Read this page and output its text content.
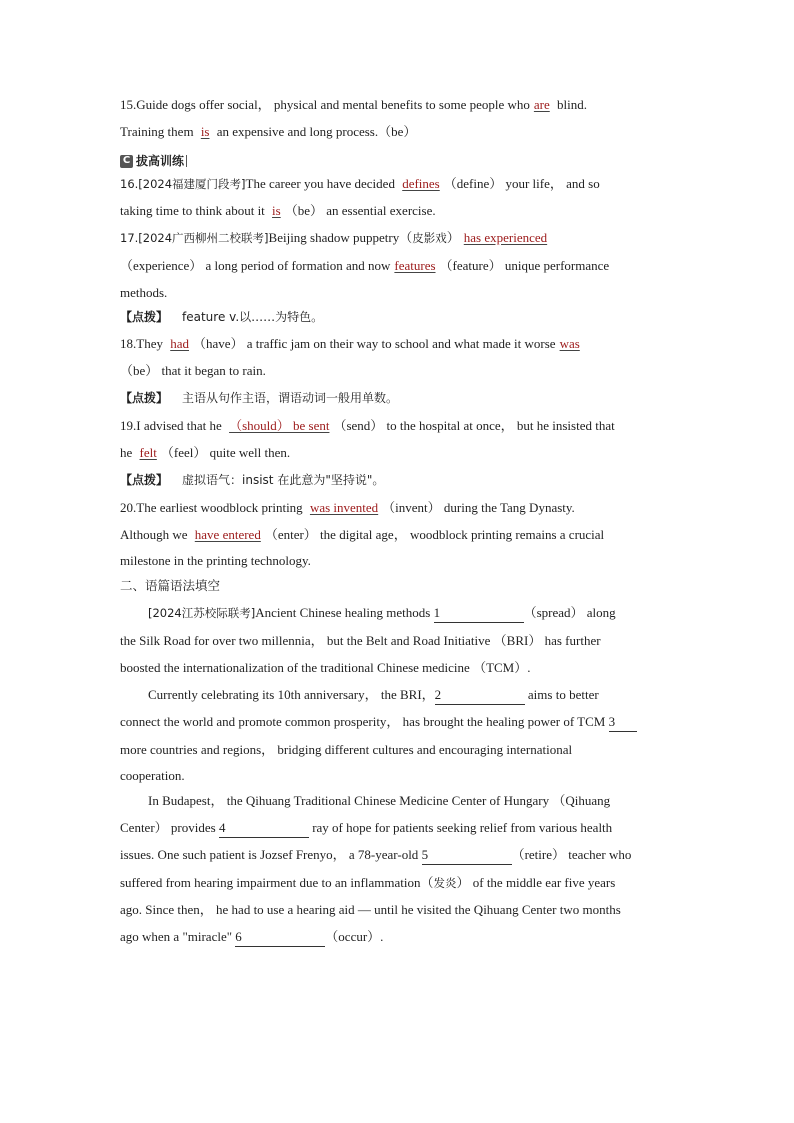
15.Guide dogs offer social， physical and mental benefits to some people who are blind.
Training them is an expensive and long process.（be）
C 拔高训练
16.[2024福建厦门段考]The career you have decided defines （define） your life， and so
taking time to think about it is （be） an essential exercise.
17.[2024广西柳州二校联考]Beijing shadow puppetry（皮影戏） has experienced
（experience） a long period of formation and now features （feature） unique performance
methods.
【点拨】 feature v.以……为特色。
18.They had （have） a traffic jam on their way to school and what made it worse was
（be） that it began to rain.
【点拨】 主语从句作主语，谓语动词一般用单数。
19.I advised that he （should） be sent （send） to the hospital at once， but he insisted that
he felt （feel） quite well then.
【点拨】 虚拟语气：insist 在此意为"坚持说"。
20.The earliest woodblock printing was invented （invent） during the Tang Dynasty.
Although we have entered （enter） the digital age， woodblock printing remains a crucial
milestone in the printing technology.
二、语篇语法填空
[2024江苏校际联考]Ancient Chinese healing methods 1	（spread） along
the Silk Road for over two millennia， but the Belt and Road Initiative （BRI） has further
boosted the internationalization of the traditional Chinese medicine （TCM）.
Currently celebrating its 10th anniversary， the BRI，2	aims to better
connect the world and promote common prosperity， has brought the healing power of TCM 3
more countries and regions， bridging different cultures and encouraging international
cooperation.
In Budapest， the Qihuang Traditional Chinese Medicine Center of Hungary （Qihuang
Center） provides 4	ray of hope for patients seeking relief from various health
issues. One such patient is Jozsef Frenyo， a 78-year-old 5	（retire） teacher who
suffered from hearing impairment due to an inflammation（发炎） of the middle ear five years
ago. Since then， he had to use a hearing aid — until he visited the Qihuang Center two months
ago when a "miracle" 6	（occur）.
